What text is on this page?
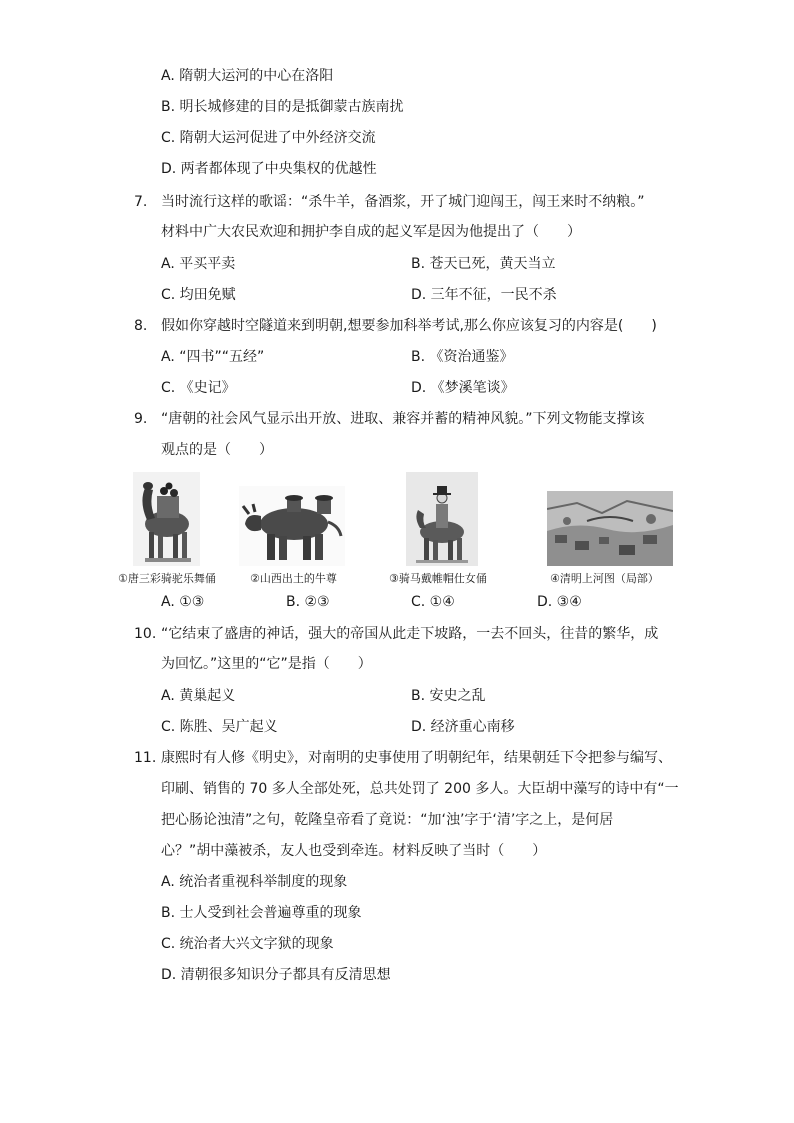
A. 隋朝大运河的中心在洛阳
B. 明长城修建的目的是抵御蒙古族南扰
C. 隋朝大运河促进了中外经济交流
D. 两者都体现了中央集权的优越性
7. 当时流行这样的歌谣：“杀牛羊，备酒浆，开了城门迎闯王，闯王来时不纳粮。”
材料中广大农民欢迎和拥护李自成的起义军是因为他提出了（　　）
A. 平买平卖	B. 苍天已死，黄天当立
C. 均田免赋	D. 三年不征，一民不杀
8. 假如你穿越时空隧道来到明朝,想要参加科举考试,那么你应该复习的内容是(　　)
A. “四书”“五经”	B. 《资治通鉴》
C. 《史记》	D. 《梦溪笔谈》
9. “唐朝的社会风气显示出开放、进取、兼容并蓄的精神风貌。”下列文物能支撑该
观点的是（　　）
①唐三彩骑驼乐舞俑	②山西出土的牛尊	③骑马戴帷帽仕女俑	④清明上河图（局部）
A. ①③	B. ②③	C. ①④	D. ③④
10. “它结束了盛唐的神话，强大的帝国从此走下坡路，一去不回头，往昔的繁华，成
为回忆。”这里的“它”是指（　　）
A. 黄巢起义	B. 安史之乱
C. 陈胜、吴广起义	D. 经济重心南移
11. 康熙时有人修《明史》，对南明的史事使用了明朝纪年，结果朝廷下令把参与编写、
印刷、销售的 70 多人全部处死，总共处罚了 200 多人。大臣胡中藻写的诗中有“一
把心肠论浊清”之句，乾隆皇帝看了竟说：“加‘浊’字于‘清’字之上，是何居
心？”胡中藻被杀，友人也受到牵连。材料反映了当时（　　）
A. 统治者重视科举制度的现象
B. 士人受到社会普遍尊重的现象
C. 统治者大兴文字狱的现象
D. 清朝很多知识分子都具有反清思想
